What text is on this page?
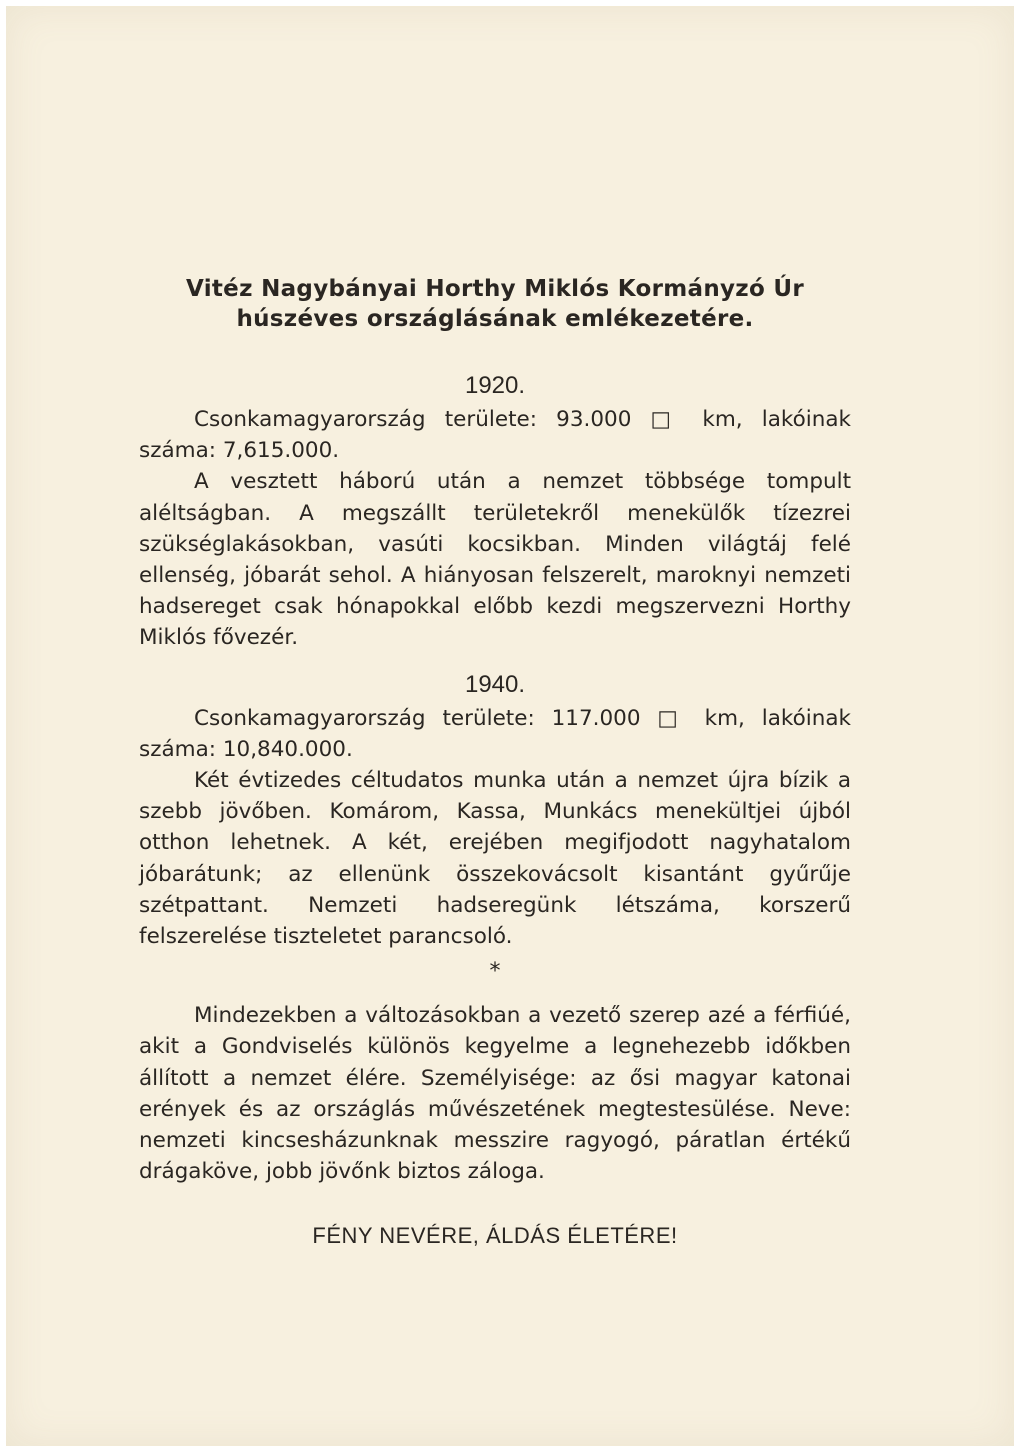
Vitéz Nagybányai Horthy Miklós Kormányzó Úr
húszéves országlásának emlékezetére.

1920.

Csonkamagyarország területe: 93.000 □ km, lakóinak száma: 7,615.000.

A vesztett háború után a nemzet többsége tompult aléltságban. A megszállt területekről menekülők tízezrei szükséglakásokban, vasúti kocsikban. Minden világtáj felé ellenség, jóbarát sehol. A hiányosan felszerelt, maroknyi nemzeti hadsereget csak hónapokkal előbb kezdi megszervezni Horthy Miklós fővezér.

1940.

Csonkamagyarország területe: 117.000 □ km, lakóinak száma: 10,840.000.

Két évtizedes céltudatos munka után a nemzet újra bízik a szebb jövőben. Komárom, Kassa, Munkács menekültjei újból otthon lehetnek. A két, erejében megifjodott nagyhatalom jóbarátunk; az ellenünk összekovácsolt kisantánt gyűrűje szétpattant. Nemzeti hadseregünk létszáma, korszerű felszerelése tiszteletet parancsoló.

*

Mindezekben a változásokban a vezető szerep azé a férfiúé, akit a Gondviselés különös kegyelme a legnehezebb időkben állított a nemzet élére. Személyisége: az ősi magyar katonai erények és az országlás művészetének megtestesülése. Neve: nemzeti kincsesházunknak messzire ragyogó, páratlan értékű drágaköve, jobb jövőnk biztos záloga.

FÉNY NEVÉRE, ÁLDÁS ÉLETÉRE!
